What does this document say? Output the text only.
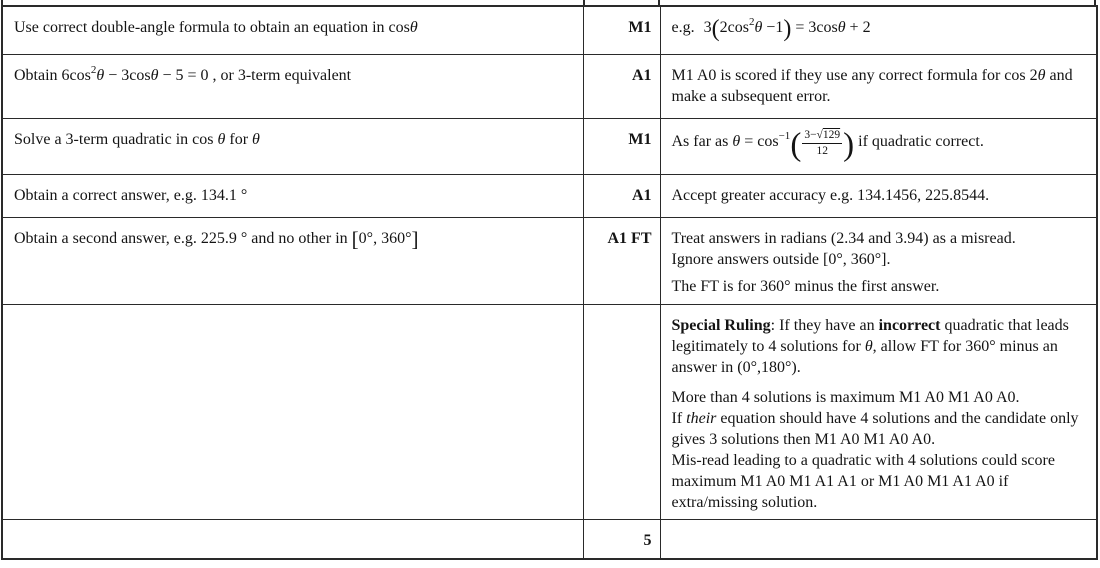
Use correct double-angle formula to obtain an equation in cosθ	M1	e.g. $3(2\cos^2\theta -1) = 3\cos\theta + 2$
Obtain $6\cos^2\theta - 3\cos\theta - 5 = 0$ , or 3-term equivalent	A1	M1 A0 is scored if they use any correct formula for cos 2θ and make a subsequent error.
Solve a 3-term quadratic in cos θ for θ	M1	As far as $\theta = \cos^{-1}( \frac{3-√129}{12}$ ) if quadratic correct.
Obtain a correct answer, e.g. 134.1 °	A1	Accept greater accuracy e.g. 134.1456, 225.8544.
Obtain a second answer, e.g. 225.9 ° and no other in [0°, 360°]	A1 FT	Treat answers in radians (2.34 and 3.94) as a misread.

Ignore answers outside [0°, 360°].

The FT is for 360° minus the first answer.

		Special Ruling: If they have an incorrect quadratic that leads legitimately to 4 solutions for θ, allow FT for 360° minus an answer in (0°,180°).

More than 4 solutions is maximum M1 A0 M1 A0 A0.
If their equation should have 4 solutions and the candidate only gives 3 solutions then M1 A0 M1 A0 A0.
Mis-read leading to a quadratic with 4 solutions could score maximum M1 A0 M1 A1 A1 or M1 A0 M1 A1 A0 if extra/missing solution.

	5	
